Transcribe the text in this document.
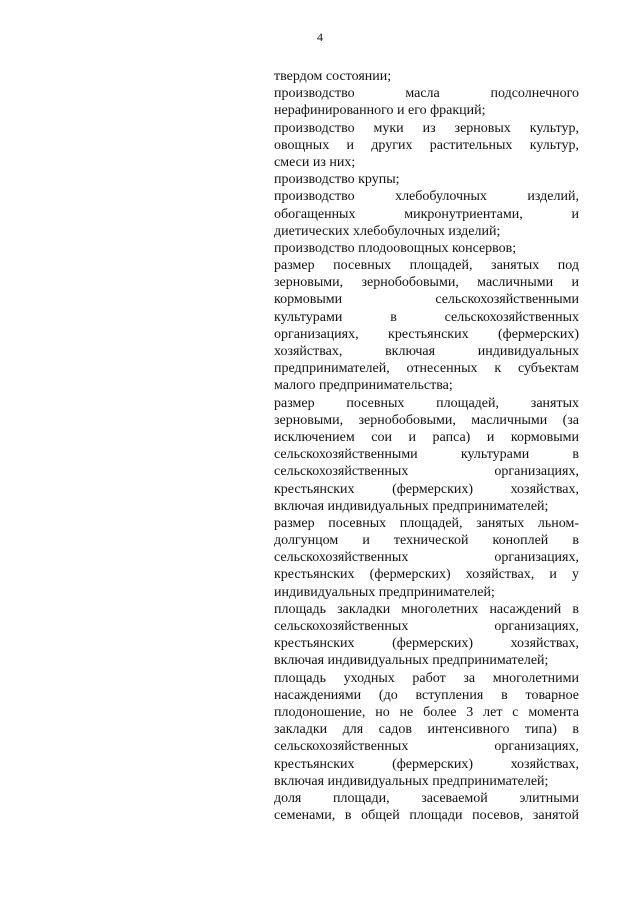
4
твердом состоянии;
производство масла подсолнечного
нерафинированного и его фракций;
производство муки из зерновых культур,
овощных и других растительных культур,
смеси из них;
производство крупы;
производство хлебобулочных изделий,
обогащенных микронутриентами, и
диетических хлебобулочных изделий;
производство плодоовощных консервов;
размер посевных площадей, занятых под
зерновыми, зернобобовыми, масличными и
кормовыми сельскохозяйственными
культурами в сельскохозяйственных
организациях, крестьянских (фермерских)
хозяйствах, включая индивидуальных
предпринимателей, отнесенных к субъектам
малого предпринимательства;
размер посевных площадей, занятых
зерновыми, зернобобовыми, масличными (за
исключением сои и рапса) и кормовыми
сельскохозяйственными культурами в
сельскохозяйственных организациях,
крестьянских (фермерских) хозяйствах,
включая индивидуальных предпринимателей;
размер посевных площадей, занятых льном-
долгунцом и технической коноплей в
сельскохозяйственных организациях,
крестьянских (фермерских) хозяйствах, и у
индивидуальных предпринимателей;
площадь закладки многолетних насаждений в
сельскохозяйственных организациях,
крестьянских (фермерских) хозяйствах,
включая индивидуальных предпринимателей;
площадь уходных работ за многолетними
насаждениями (до вступления в товарное
плодоношение, но не более 3 лет с момента
закладки для садов интенсивного типа) в
сельскохозяйственных организациях,
крестьянских (фермерских) хозяйствах,
включая индивидуальных предпринимателей;
доля площади, засеваемой элитными
семенами, в общей площади посевов, занятой
